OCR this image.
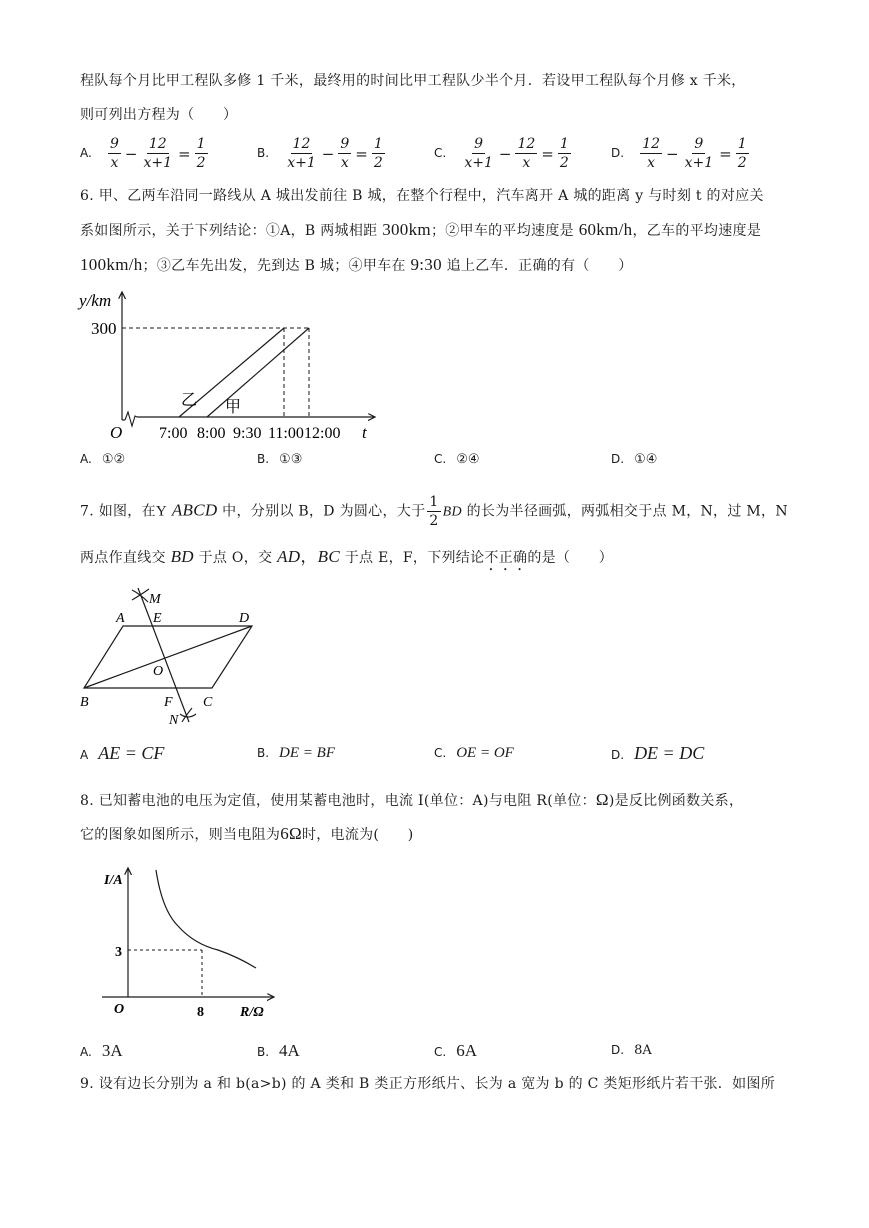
程队每个月比甲工程队多修 1 千米，最终用的时间比甲工程队少半个月．若设甲工程队每个月修 x 千米，
则可列出方程为（　　）
A. $\frac{9}{x} - \frac{12}{x+1} = \frac{1}{2}$	B. $\frac{12}{x+1} - \frac{9}{x} = \frac{1}{2}$	C. $\frac{9}{x+1} - \frac{12}{x} = \frac{1}{2}$	D. $\frac{12}{x} - \frac{9}{x+1} = \frac{1}{2}$
6. 甲、乙两车沿同一路线从 A 城出发前往 B 城，在整个行程中，汽车离开 A 城的距离 y 与时刻 t 的对应关
系如图所示，关于下列结论：①A，B 两城相距 300km；②甲车的平均速度是 60km/h，乙车的平均速度是
100km/h；③乙车先出发，先到达 B 城；④甲车在 9:30 追上乙车．正确的有（　　）
y/km
300
O	t
7:00 8:00 9:30 11:00 12:00
乙 甲
A. ①②	B. ①③	C. ②④	D. ①④
7. 如图，在Y ABCD 中，分别以 B，D 为圆心，大于 $\frac{1}{2}$ BD 的长为半径画弧，两弧相交于点 M，N，过 M，N
两点作直线交 BD 于点 O，交 AD，BC 于点 E，F，下列结论不正确的是（　　）
M
A E	D
O
B	F C
N
A AE = CF	B. DE = BF	C. OE = OF	D. DE = DC
8. 已知蓄电池的电压为定值，使用某蓄电池时，电流 I(单位：A)与电阻 R(单位：Ω)是反比例函数关系，
它的图象如图所示，则当电阻为6Ω时，电流为(　　)
I/A
3
O	8	R/Ω
A. 3A	B. 4A	C. 6A	D. 8A
9. 设有边长分别为 a 和 b(a>b) 的 A 类和 B 类正方形纸片、长为 a 宽为 b 的 C 类矩形纸片若干张．如图所
